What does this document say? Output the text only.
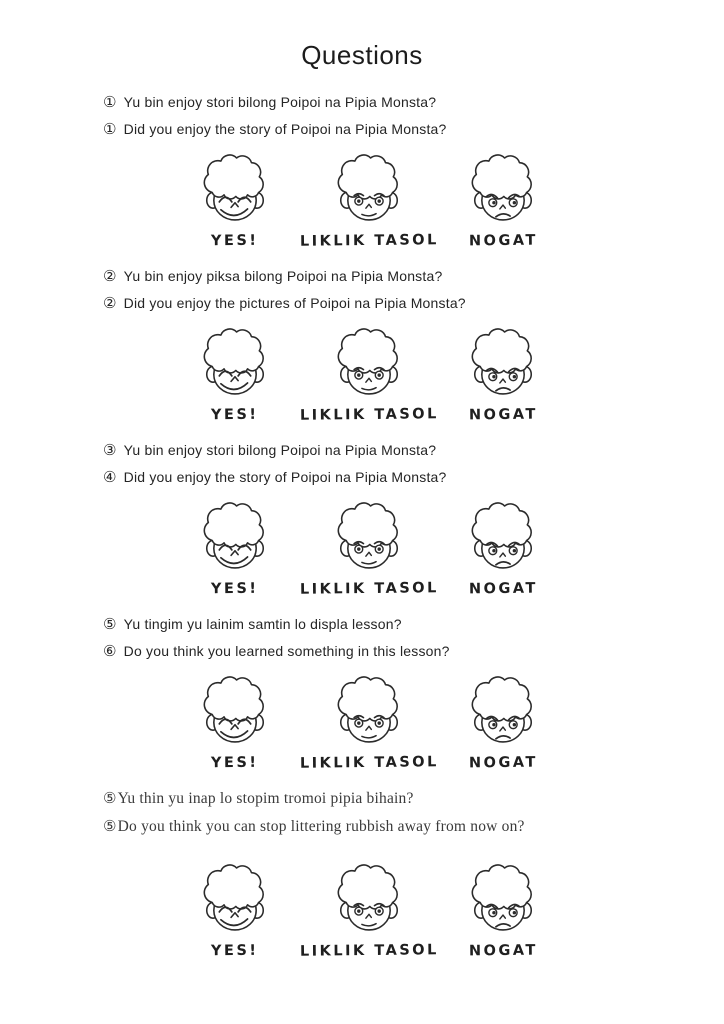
Questions
① Yu bin enjoy stori bilong Poipoi na Pipia Monsta?
① Did you enjoy the story of Poipoi na Pipia Monsta?
YES!	LIKLIK TASOL NOGAT
② Yu bin enjoy piksa bilong Poipoi na Pipia Monsta?
② Did you enjoy the pictures of Poipoi na Pipia Monsta?
YES!	LIKLIK TASOL NOGAT
③ Yu bin enjoy stori bilong Poipoi na Pipia Monsta?
④ Did you enjoy the story of Poipoi na Pipia Monsta?
YES!	LIKLIK TASOL NOGAT
⑤ Yu tingim yu lainim samtin lo displa lesson?
⑥ Do you think you learned something in this lesson?
YES!	LIKLIK TASOL NOGAT
⑤Yu thin yu inap lo stopim tromoi pipia bihain?
⑤Do you think you can stop littering rubbish away from now on?
YES!	LIKLIK TASOL NOGAT
